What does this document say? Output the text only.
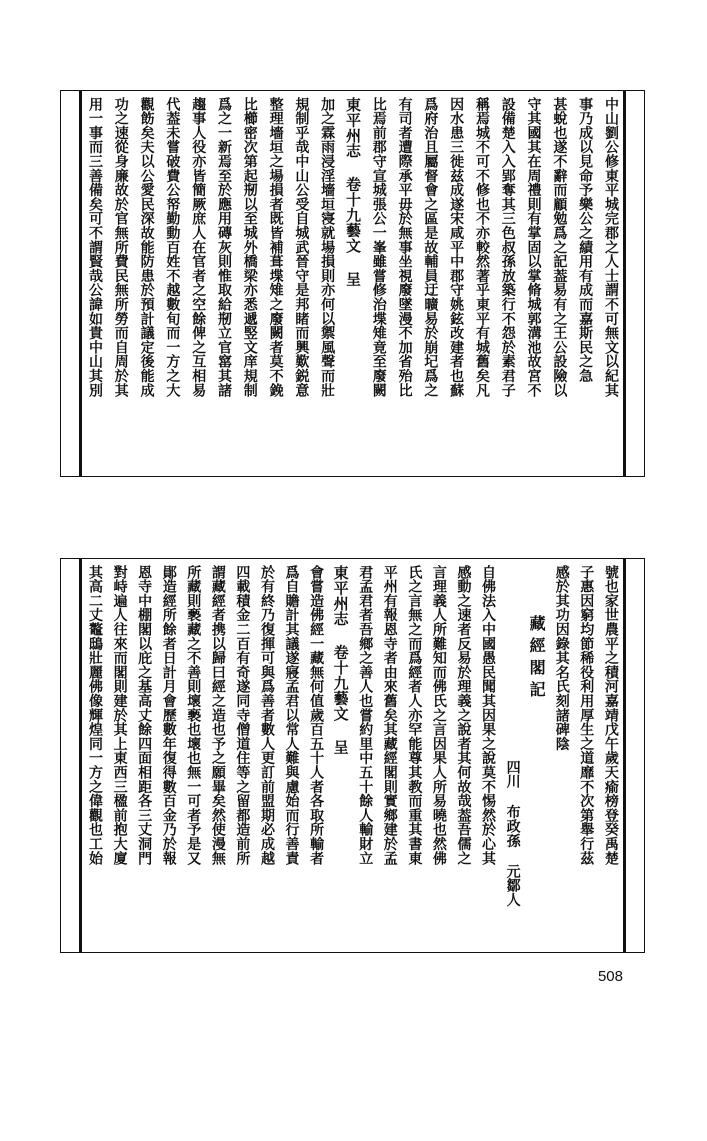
中山劉公修東平城完郡之人士謂不可無文以紀其
事乃成以見命予樂公之績用有成而嘉斯民之急
甚蛻也遂不辭而顧勉爲之記葢易有之王公設險以
守其國其在周禮則有掌固以掌脩城郭溝池故宮不
設備楚入入郢奪其三色叔孫放築行不怨於素君子
稱焉城不可不修也不亦較然著乎東平有城舊矣凡
因水患三徙兹成遂宋咸平中郡守姚鉉改建者也蘇
爲府治且屬督會之區是故輔員迂曠易於崩圮爲之
有司者遭際承平毋於無事坐視廢墜漫不加省殆比
比焉前郡守宣城張公一峯雖嘗修治堞雉竟至廢闕
東平州志 卷十九藝文 呈
加之霖雨浸淫墻垣寖就場損則亦何以禦風聲而壯
規制乎哉中山公受自城武晉守是邦睹而興歎鋭意
整理墻垣之場損者既皆補葺堞雉之廢闕者莫不鋔
比櫛密次第起剏以至城外橋梁亦悉遞竪文庠規制
爲之一新焉至於應用磚灰則惟取給剏立官窰其諸
趨事人役亦皆簡厥庶人在官者之空餘俾之互相易
代葢未嘗破費公帑勤動百姓不越數旬而一方之大
觀飭矣夫以公愛民深故能防患於預計議定後能成
功之速從身廉故於官無所費民無所勞而自周於其
用一事而三善備矣可不謂賢哉公諱如貴中山其別
號也家世農平之積河嘉靖戊午歲天瘉榜登癸禹楚
子惠因窮均節稀役利用厚生之道靡不次第舉行茲
感於其功因錄其名氏刻諸碑陰
藏經閣記
四川 布政孫 元鄒人
自佛法入中國愚民聞其因果之說莫不惕然於心其
感動之速者反易於理義之說者其何故哉葢吾儒之
言理義人所難知而佛氏之言因果人所易曉也然佛
氏之言無之而爲經者人亦罕能尊其教而重其書東
平州有報恩寺者由來舊矣其藏經閣則實鄉建於孟
君孟君者吾鄉之善人也嘗約里中五十餘人輸財立
東平州志 卷十九藝文 呈
會嘗造佛經一藏無何值歲百五十人者各取所輸者
爲自贍計其議遂寢孟君以常人難與慮始而行善責
於有終乃復揮可與爲善者數人更訂前盟期必成越
四載積金二百有奇遂同寺僧道住等之留都造前所
謂藏經者携以歸曰經之造也予之願畢矣然使漫無
所藏則褻藏之不善則壞褻也壞也無一可者予是又
鄖造經所餘者日計月會歷數年復得數百金乃於報
恩寺中棚閣以庇之基高丈餘四面相距各三丈洞門
對峙遍人往來而閣則建於其上東西三楹前抱大廈
其高二丈鼇鴟壯麗佛像輝煌同一方之偉觀也工始
508
